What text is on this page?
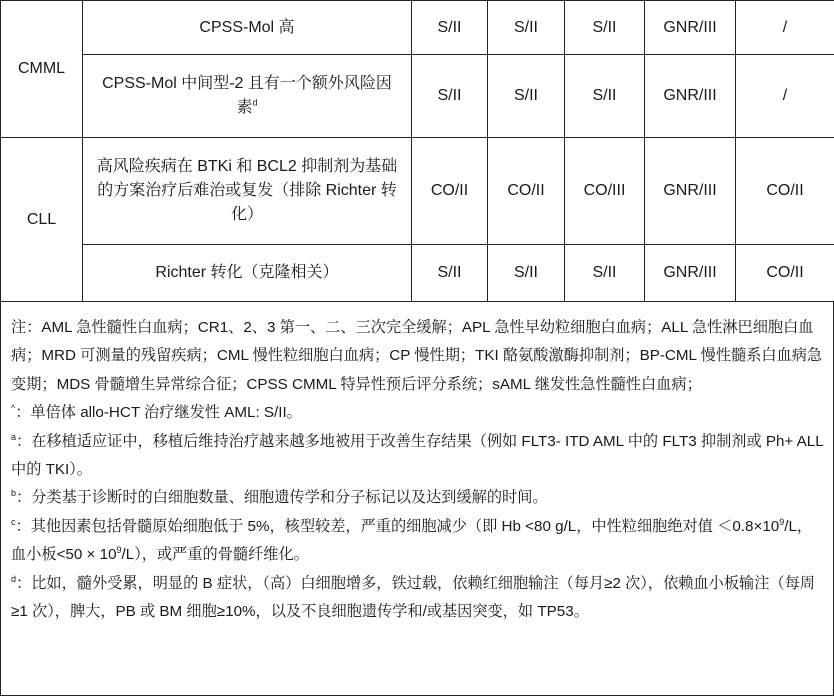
CMML	CPSS-Mol 高	S/II	S/II	S/II	GNR/III	/
	CPSS-Mol 中间型-2 且有一个额外风险因素$^d$	S/II	S/II	S/II	GNR/III	/
CLL	高风险疾病在 BTKi 和 BCL2 抑制剂为基础的方案治疗后难治或复发（排除 Richter 转化）	CO/II	CO/II	CO/III	GNR/III	CO/II
	Richter 转化（克隆相关）	S/II	S/II	S/II	GNR/III	CO/II

注：AML 急性髓性白血病；CR1、2、3 第一、二、三次完全缓解；APL 急性早幼粒细胞白血病；ALL 急性淋巴细胞白血病；MRD 可测量的残留疾病；CML 慢性粒细胞白血病；CP 慢性期；TKI 酪氨酸激酶抑制剂；BP-CML 慢性髓系白血病急变期；MDS 骨髓增生异常综合征；CPSS CMML 特异性预后评分系统；sAML 继发性急性髓性白血病；

^：单倍体 allo-HCT 治疗继发性 AML: S/II。

$^a$：在移植适应证中，移植后维持治疗越来越多地被用于改善生存结果（例如 FLT3- ITD AML 中的 FLT3 抑制剂或 Ph+ ALL 中的 TKI）。

$^b$：分类基于诊断时的白细胞数量、细胞遗传学和分子标记以及达到缓解的时间。

$^c$：其他因素包括骨髓原始细胞低于 5%，核型较差，严重的细胞减少（即 Hb <80 g/L，中性粒细胞绝对值 $<0.8\times 10^9/L$，血小板$<50 \times 10^9/L$），或严重的骨髓纤维化。

$^d$：比如，髓外受累，明显的 B 症状，（高）白细胞增多，铁过载，依赖红细胞输注（每月≥2 次），依赖血小板输注（每周≥1 次），脾大，PB 或 BM 细胞≥10%，以及不良细胞遗传学和/或基因突变，如 TP53。
